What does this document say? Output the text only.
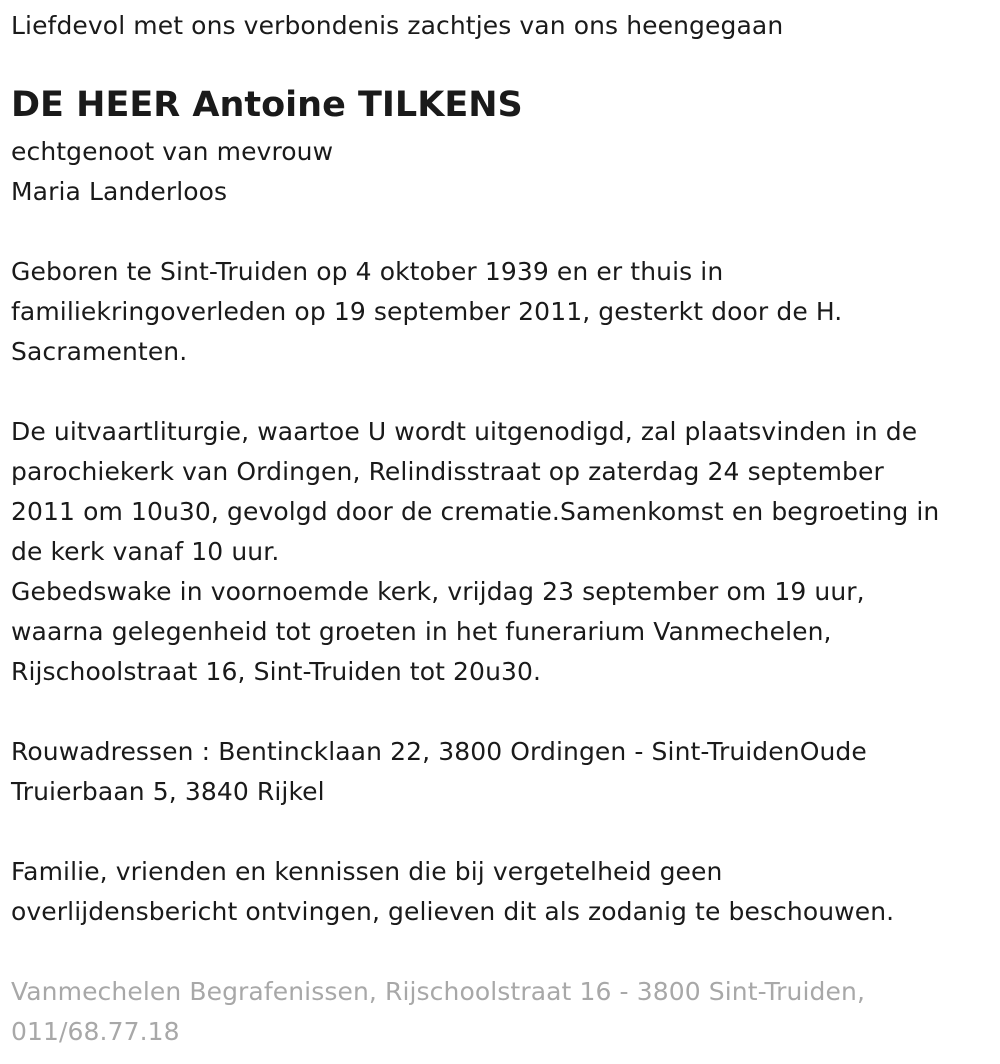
Liefdevol met ons verbondenis zachtjes van ons heengegaan
DE HEER Antoine TILKENS
echtgenoot van mevrouw
Maria Landerloos
Geboren te Sint-Truiden op 4 oktober 1939 en er thuis in
familiekringoverleden op 19 september 2011, gesterkt door de H.
Sacramenten.
De uitvaartliturgie, waartoe U wordt uitgenodigd, zal plaatsvinden in de
parochiekerk van Ordingen, Relindisstraat op zaterdag 24 september
2011 om 10u30, gevolgd door de crematie.Samenkomst en begroeting in
de kerk vanaf 10 uur.
Gebedswake in voornoemde kerk, vrijdag 23 september om 19 uur,
waarna gelegenheid tot groeten in het funerarium Vanmechelen,
Rijschoolstraat 16, Sint-Truiden tot 20u30.
Rouwadressen : Bentincklaan 22, 3800 Ordingen - Sint-TruidenOude
Truierbaan 5, 3840 Rijkel
Familie, vrienden en kennissen die bij vergetelheid geen
overlijdensbericht ontvingen, gelieven dit als zodanig te beschouwen.
Vanmechelen Begrafenissen, Rijschoolstraat 16 - 3800 Sint-Truiden,
011/68.77.18
